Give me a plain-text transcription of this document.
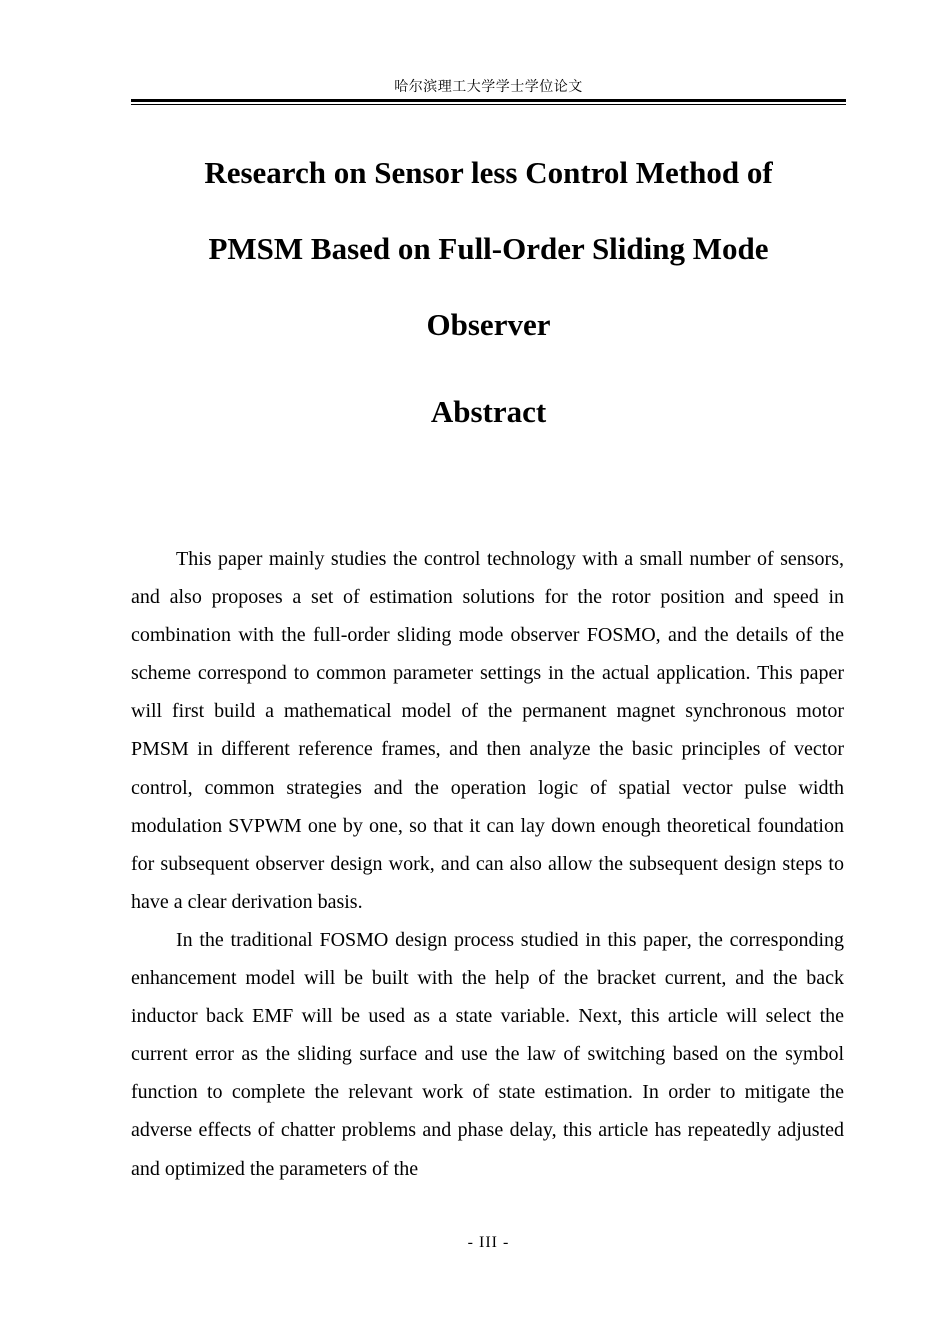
哈尔滨理工大学学士学位论文
Research on Sensor less Control Method of
PMSM Based on Full-Order Sliding Mode
Observer
Abstract

This paper mainly studies the control technology with a small number of sensors, and also proposes a set of estimation solutions for the rotor position and speed in combination with the full-order sliding mode observer FOSMO, and the details of the scheme correspond to common parameter settings in the actual application. This paper will first build a mathematical model of the permanent magnet synchronous motor PMSM in different reference frames, and then analyze the basic principles of vector control, common strategies and the operation logic of spatial vector pulse width modulation SVPWM one by one, so that it can lay down enough theoretical foundation for subsequent observer design work, and can also allow the subsequent design steps to have a clear derivation basis.

In the traditional FOSMO design process studied in this paper, the corresponding enhancement model will be built with the help of the bracket current, and the back inductor back EMF will be used as a state variable. Next, this article will select the current error as the sliding surface and use the law of switching based on the symbol function to complete the relevant work of state estimation. In order to mitigate the adverse effects of chatter problems and phase delay, this article has repeatedly adjusted and optimized the parameters of the

- III -
